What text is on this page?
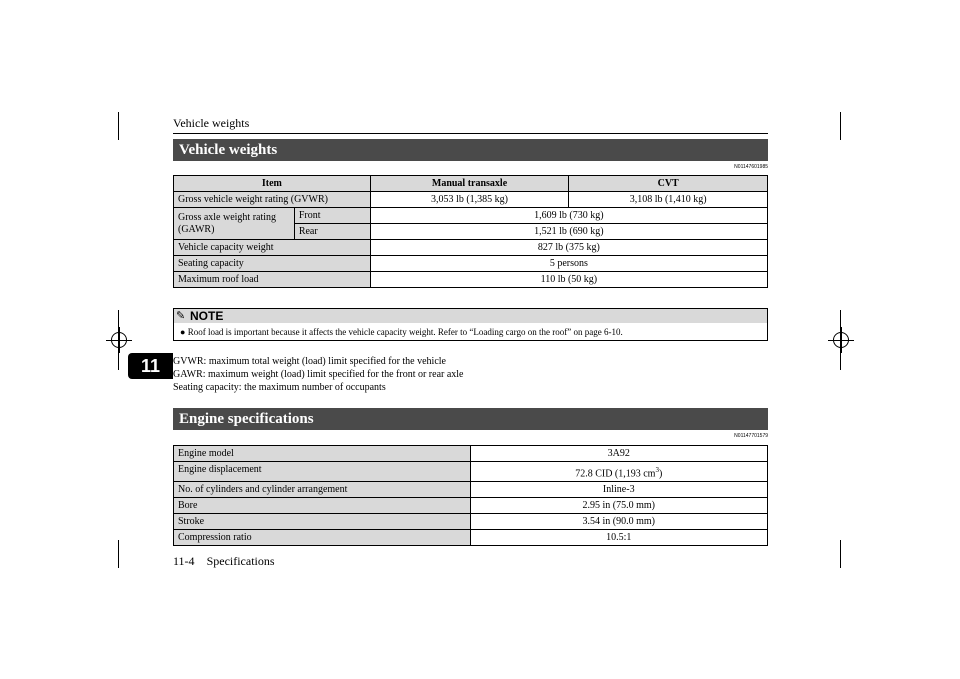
Vehicle weights
11
Vehicle weights
N01147601985
Item		Manual transaxle	CVT
Gross vehicle weight rating (GVWR)		3,053 lb (1,385 kg)	3,108 lb (1,410 kg)
Gross axle weight rating (GAWR)	Front	1,609 lb (730 kg)	
	Rear	1,521 lb (690 kg)	
Vehicle capacity weight		827 lb (375 kg)	
Seating capacity		5 persons	
Maximum roof load		110 lb (50 kg)	
✎ NOTE
● Roof load is important because it affects the vehicle capacity weight. Refer to “Loading cargo on the roof” on page 6-10.
GVWR: maximum total weight (load) limit specified for the vehicle
GAWR: maximum weight (load) limit specified for the front or rear axle
Seating capacity: the maximum number of occupants
Engine specifications
N01147701579
Engine model	3A92
Engine displacement	72.8 CID (1,193 $cm^3$)
No. of cylinders and cylinder arrangement	Inline-3
Bore	2.95 in (75.0 mm)
Stroke	3.54 in (90.0 mm)
Compression ratio	10.5:1
11-4 Specifications
